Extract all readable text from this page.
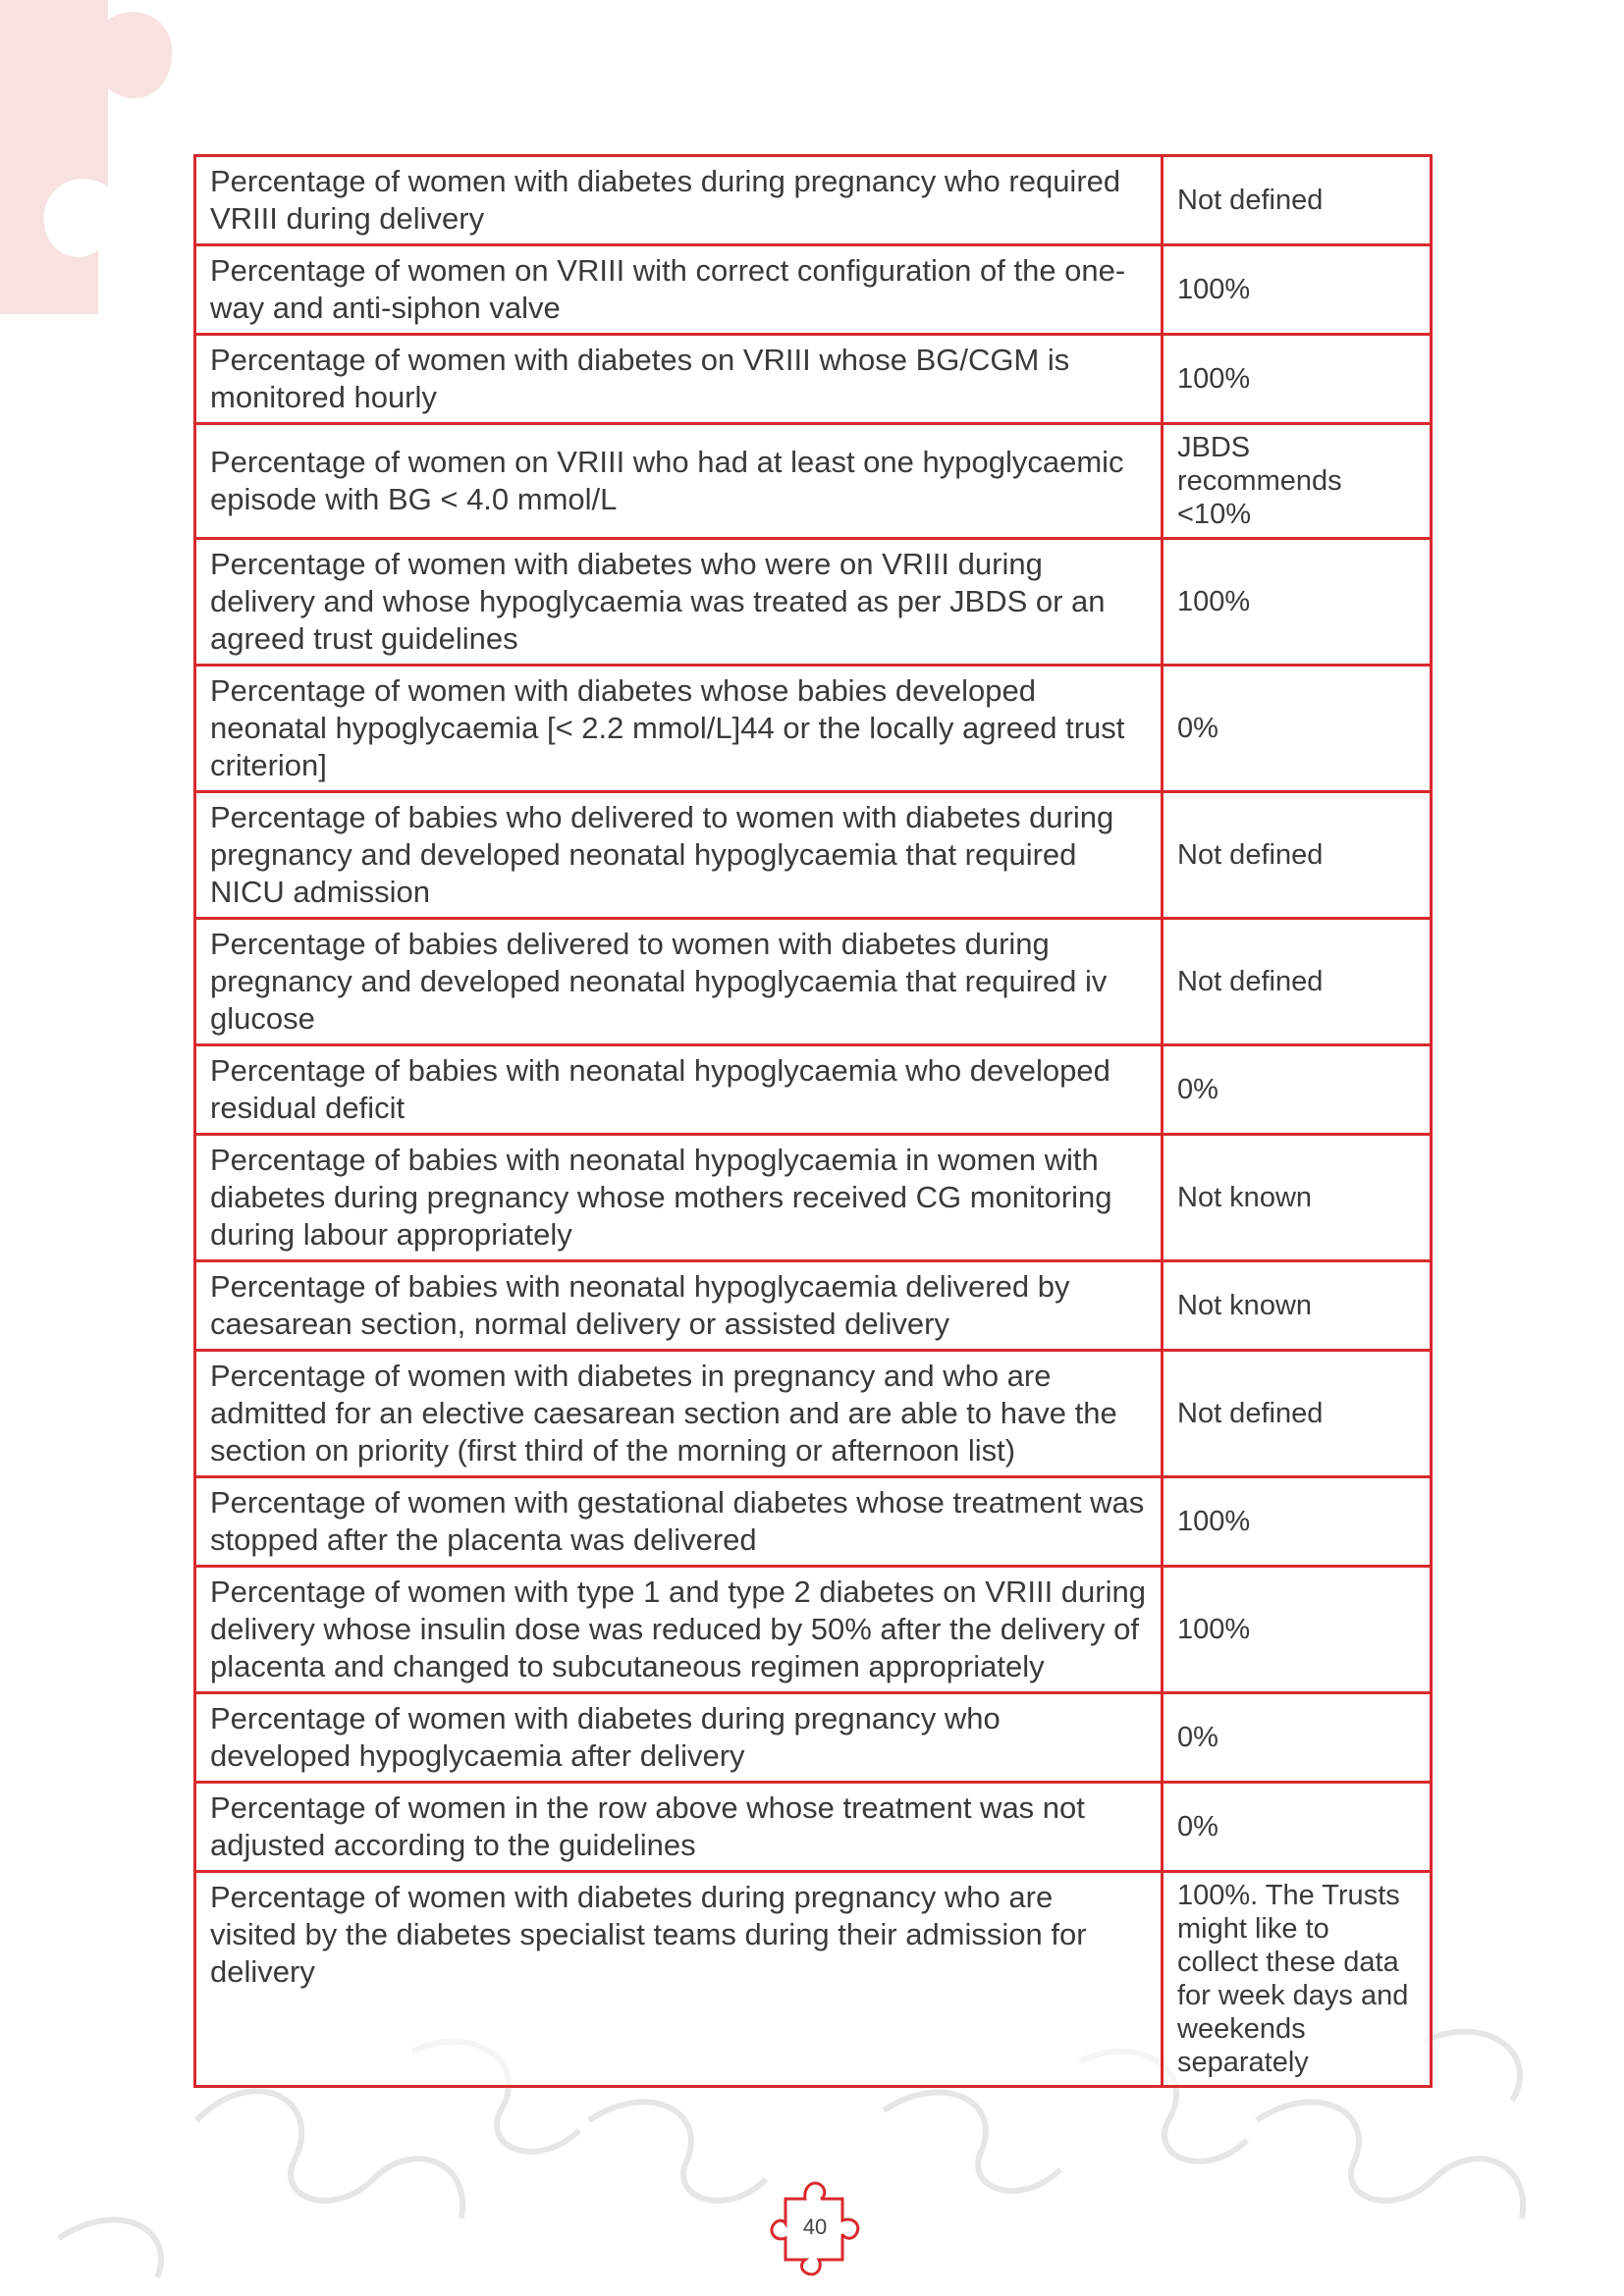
Percentage of women with diabetes during pregnancy who required VRIII during delivery	Not defined
Percentage of women on VRIII with correct configuration of the one-way and anti-siphon valve	100%
Percentage of women with diabetes on VRIII whose BG/CGM is monitored hourly	100%
Percentage of women on VRIII who had at least one hypoglycaemic episode with BG < 4.0 mmol/L	JBDS recommends <10%
Percentage of women with diabetes who were on VRIII during delivery and whose hypoglycaemia was treated as per JBDS or an agreed trust guidelines	100%
Percentage of women with diabetes whose babies developed neonatal hypoglycaemia [< 2.2 mmol/L]44 or the locally agreed trust criterion]	0%
Percentage of babies who delivered to women with diabetes during pregnancy and developed neonatal hypoglycaemia that required NICU admission	Not defined
Percentage of babies delivered to women with diabetes during pregnancy and developed neonatal hypoglycaemia that required iv glucose	Not defined
Percentage of babies with neonatal hypoglycaemia who developed residual deficit	0%
Percentage of babies with neonatal hypoglycaemia in women with diabetes during pregnancy whose mothers received CG monitoring during labour appropriately	Not known
Percentage of babies with neonatal hypoglycaemia delivered by caesarean section, normal delivery or assisted delivery	Not known
Percentage of women with diabetes in pregnancy and who are admitted for an elective caesarean section and are able to have the section on priority (first third of the morning or afternoon list)	Not defined
Percentage of women with gestational diabetes whose treatment was stopped after the placenta was delivered	100%
Percentage of women with type 1 and type 2 diabetes on VRIII during delivery whose insulin dose was reduced by 50% after the delivery of placenta and changed to subcutaneous regimen appropriately	100%
Percentage of women with diabetes during pregnancy who developed hypoglycaemia after delivery	0%
Percentage of women in the row above whose treatment was not adjusted according to the guidelines	0%
Percentage of women with diabetes during pregnancy who are visited by the diabetes specialist teams during their admission for delivery	100%. The Trusts might like to collect these data for week days and weekends separately
40
